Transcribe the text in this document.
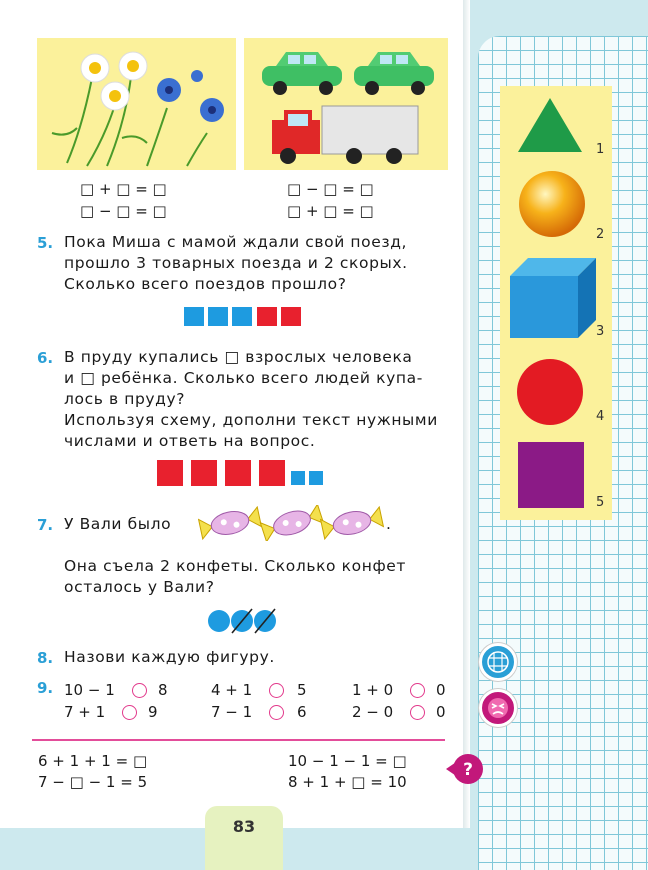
□ + □ = □
□ − □ = □
□ − □ = □
□ + □ = □
5. Пока Миша с мамой ждали свой поезд,
прошло 3 товарных поезда и 2 скорых.
Сколько всего поездов прошло?
6. В пруду купались □ взрослых человека
и □ ребёнка. Сколько всего людей купа-
лось в пруду?
Используя схему, дополни текст нужными
числами и ответь на вопрос.
7. У Вали было	.
Она съела 2 конфеты. Сколько конфет
осталось у Вали?
8. Назови каждую фигуру.
9. 10 − 1	8	4 + 1	5	1 + 0	0
7 + 1	9	7 − 1	6	2 − 0	0
6 + 1 + 1 = □
7 − □ − 1 = 5
10 − 1 − 1 = □
8 + 1 + □ = 10
?
1
2
3
4
5
83
